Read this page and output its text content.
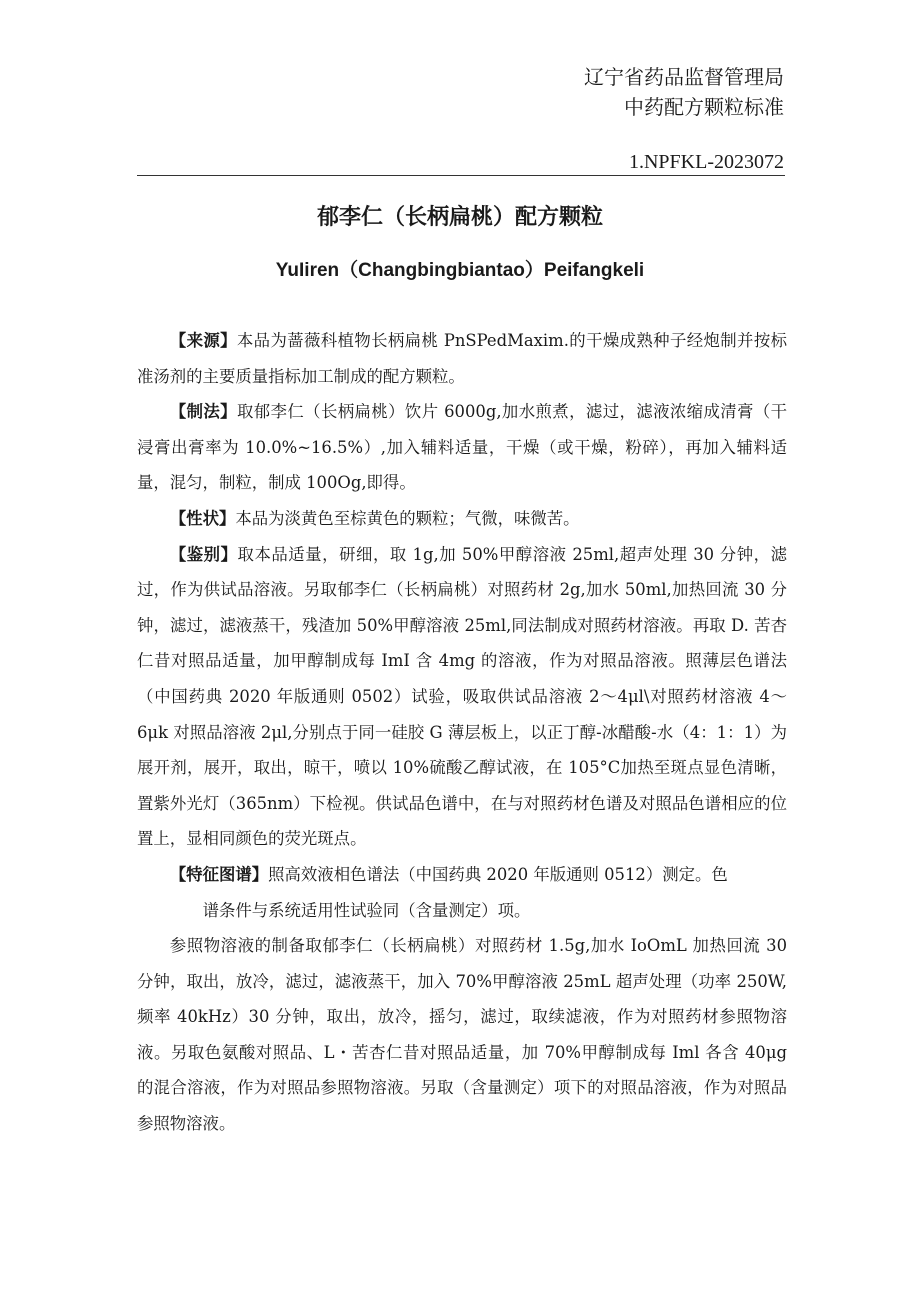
辽宁省药品监督管理局
中药配方颗粒标准
1.NPFKL-2023072
郁李仁（长柄扁桃）配方颗粒
YuIiren（Changbingbiantao）Peifangkeli

【来源】本品为蔷薇科植物长柄扁桃 PnSPedMaxim.的干燥成熟种子经炮制并按标准汤剂的主要质量指标加工制成的配方颗粒。

【制法】取郁李仁（长柄扁桃）饮片 6000g,加水煎煮，滤过，滤液浓缩成清膏（干浸膏出膏率为 10.0%~16.5%）,加入辅料适量，干燥（或干燥，粉碎），再加入辅料适量，混匀，制粒，制成 100Og,即得。

【性状】本品为淡黄色至棕黄色的颗粒；气微，味微苦。

【鉴别】取本品适量，研细，取 1g,加 50%甲醇溶液 25ml,超声处理 30 分钟，滤过，作为供试品溶液。另取郁李仁（长柄扁桃）对照药材 2g,加水 50ml,加热回流 30 分钟，滤过，滤液蒸干，残渣加 50%甲醇溶液 25ml,同法制成对照药材溶液。再取 D. 苦杏仁昔对照品适量，加甲醇制成每 ImI 含 4mg 的溶液，作为对照品溶液。照薄层色谱法（中国药典 2020 年版通则 0502）试验，吸取供试品溶液 2～4μl\对照药材溶液 4～6μk 对照品溶液 2μl,分别点于同一硅胶 G 薄层板上，以正丁醇-冰醋酸-水（4：1：1）为展开剂，展开，取出，晾干，喷以 10%硫酸乙醇试液，在 105°C加热至斑点显色清晰，置紫外光灯（365nm）下检视。供试品色谱中，在与对照药材色谱及对照品色谱相应的位置上，显相同颜色的荧光斑点。

【特征图谱】照高效液相色谱法（中国药典 2020 年版通则 0512）测定。色
谱条件与系统适用性试验同（含量测定）项。

参照物溶液的制备取郁李仁（长柄扁桃）对照药材 1.5g,加水 IoOmL 加热回流 30 分钟，取出，放冷，滤过，滤液蒸干，加入 70%甲醇溶液 25mL 超声处理（功率 250W,频率 40kHz）30 分钟，取出，放冷，摇匀，滤过，取续滤液，作为对照药材参照物溶液。另取色氨酸对照品、L・苦杏仁昔对照品适量，加 70%甲醇制成每 Iml 各含 40μg 的混合溶液，作为对照品参照物溶液。另取（含量测定）项下的对照品溶液，作为对照品参照物溶液。
